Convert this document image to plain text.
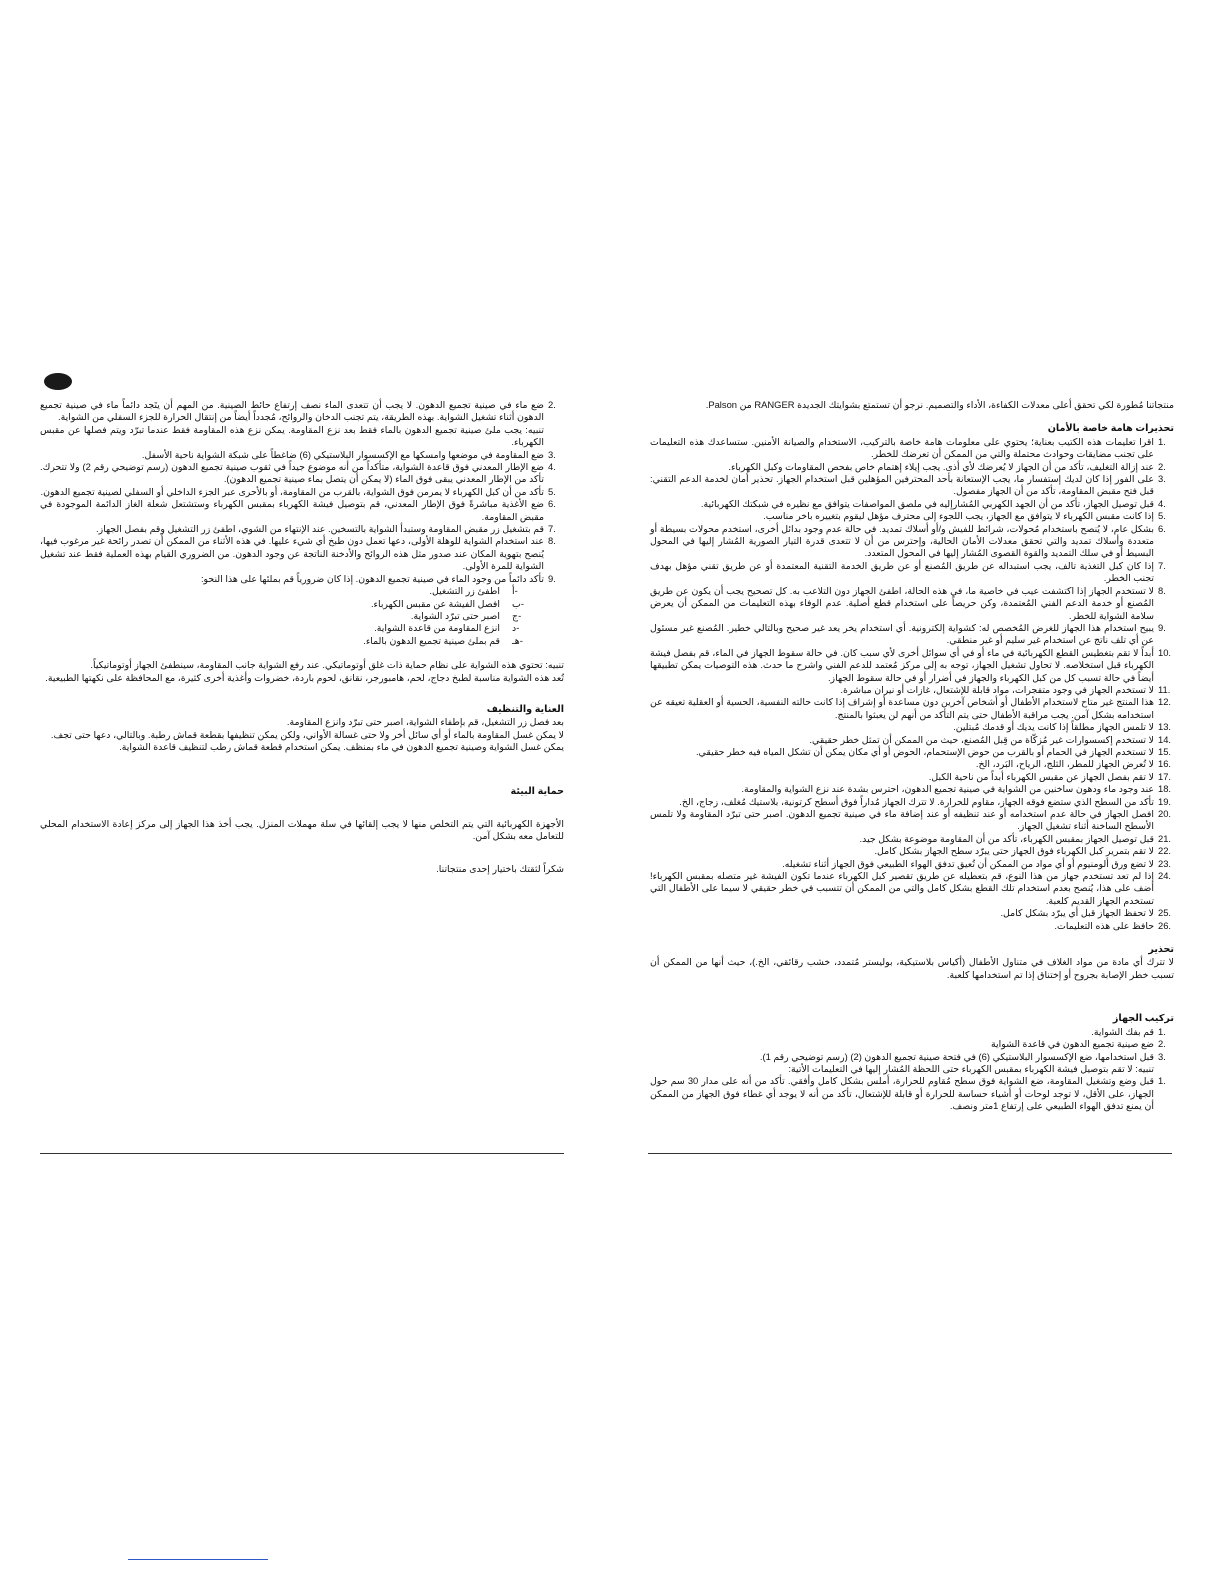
منتجاتنا مُطورة لكي تحقق أعلى معدلات الكفاءة، الأداء والتصميم. نرجو أن تستمتع بشوايتك الجديدة RANGER من Palson.

تحذيرات هامة خاصة بالأمان
1.
اقرا تعليمات هذه الكتيب بعناية؛ يحتوي على معلومات هامة خاصة بالتركيب، الاستخدام والصيانة الأمنين. ستساعدك هذه التعليمات على تجنب مضايقات وحوادث محتملة والتي من الممكن أن تعرضك للخطر.
2.
عند إزالة التغليف، تأكد من أن الجهاز لا يُعرضك لأي أذى. يجب إيلاء إهتمام خاص بفحص المقاومات وكبل الكهرباء.
3.
على الفور إذا كان لديك إستفسار ما، يجب الإستعانة بأحد المحترفين المؤهلين قبل استخدام الجهاز. تحذير أمان لخدمة الدعم التقني: قبل فتح مقبض المقاومة، تأكد من أن الجهاز مفصول.
4.
قبل توصيل الجهاز، تأكد من أن الجهد الكهربي المُشارإليه في ملصق المواصفات يتوافق مع نظيره في شبكتك الكهربائية.
5.
إذا كانت مقبس الكهرباء لا يتوافق مع الجهاز، يجب اللجوء إلى محترف مؤهل ليقوم بتغييره باخر مناسب.
6.
بشكل عام، لا يُنصح باستخدام مُحولات، شرائط للفيش و/أو أسلاك تمديد. في حالة عدم وجود بدائل أخرى، استخدم محولات بسيطة أو متعددة وأسلاك تمديد والتي تحقق معدلات الأمان الحالية، وإحترس من أن لا تتعدى قدرة التيار الصورية المُشار إليها في المحول البسيط أو في سلك التمديد والقوة القصوى المُشار إليها في المحول المتعدد.
7.
إذا كان كبل التغذية تالف، يجب استبداله عن طريق المُصنع أو عن طريق الخدمة التقنية المعتمدة أو عن طريق تقني مؤهل بهدف تجنب الخطر.
8.
لا تستخدم الجهاز إذا اكتشفت عيب في خاصية ما، في هذه الحالة، اطفئ الجهاز دون التلاعب به. كل تصحيح يجب أن يكون عن طريق المُصنع أو خدمة الدعم الفني المُعتمدة، وكن حريصاً على استخدام قطع أصلية. عدم الوفاء بهذه التعليمات من الممكن أن يعرض سلامة الشواية للخطر.
9.
يبيح استخدام هذا الجهاز للغرض المُخصص له: كشواية إلكترونية. أي استخدام يخر يعد غير صحيح وبالتالي خطير. المُصنع غير مسئول عن أي تلف ناتج عن استخدام غير سليم أو غير منطقي.
10.
أبداً لا تقم بتغطيس القطع الكهربائية في ماء أو في أي سوائل أخرى لأي سبب كان. في حالة سقوط الجهاز في الماء، قم بفصل فيشة الكهرباء قبل استخلاصه. لا تحاول تشغيل الجهاز، توجه به إلى مركز مُعتمد للدعم الفني واشرح ما حدث. هذه التوصيات يمكن تطبيقها أيضاً في حالة تسبب كل من كبل الكهرباء والجهاز في أضرار أو في حالة سقوط الجهاز.
11.
لا تستخدم الجهاز في وجود متفجرات، مواد قابلة للإشتعال، غازات أو نيران مباشرة.
12.
هذا المنتج غير متاح لاستخدام الأطفال أو أشخاص آخرين دون مساعدة أو إشراف إذا كانت حالته النفسية، الحسية أو العقلية تعيقه عن استخدامه بشكل آمن. يجب مراقبة الأطفال حتى يتم التأكد من أنهم لن يعبثوا بالمنتج.
13.
لا تلمس الجهاز مطلقاً إذا كانت يديك أو قدمك مُبتلين.
14.
لا تستخدم إكسسوارات غير مُزكّاة من قِبل المُصنع، حيث من الممكن أن تمثل خطر حقيقي.
15.
لا تستخدم الجهاز في الحمام أو بالقرب من حوض الإستحمام، الحوض أو أي مكان يمكن أن تشكل المياه فيه خطر حقيقي.
16.
لا تُعرض الجهاز للمطر، الثلج، الرياح، البَرد، الخ.
17.
لا تقم بفصل الجهاز عن مقبس الكهرباء أبداً من ناحية الكبل.
18.
عند وجود ماء ودهون ساخنين من الشواية في صينية تجميع الدهون، احترس بشدة عند نزع الشواية والمقاومة.
19.
تأكد من السطح الذي ستضع فوقه الجهاز، مقاوم للحرارة. لا تترك الجهاز مُداراً فوق أسطح كرتونية، بلاستيك مُغلف، زجاج، الخ.
20.
افصل الجهاز في حالة عدم استخدامه أو عند تنظيفه أو عند إضافة ماء في صينية تجميع الدهون. اصبر حتى تبرّد المقاومة ولا تلمس الأسطح الساخنة أثناء تشغيل الجهاز.
21.
قبل توصيل الجهاز بمقبس الكهرباء، تأكد من أن المقاومة موضوعة بشكل جيد.
22.
لا تقم بتمرير كبل الكهرباء فوق الجهاز حتى يبرّد سطح الجهاز بشكل كامل.
23.
لا تضع ورق ألومنيوم أو أي مواد من الممكن أن تُعيق تدفق الهواء الطبيعي فوق الجهاز أثناء تشغيله.
24.
إذا لم تعد تستخدم جهاز من هذا النوع، قم بتعطيله عن طريق تقصير كبل الكهرباء عندما تكون الفيشة غير متصله بمقبس الكهرباء! أضف على هذا، يُنصح بعدم استخدام تلك القطع بشكل كامل والتي من الممكن أن تتسبب في خطر حقيقي لا سيما على الأطفال التي تستخدم الجهاز القديم كلعبة.
25.
لا تحفظ الجهاز قبل أي يبرّد بشكل كامل.
26.
حافظ على هذه التعليمات.
تحذير

لا تترك أي مادة من مواد الغلاف في متناول الأطفال (أكياس بلاستيكية، بوليستر مُتمدد، خشب رقائقي، الخ.)، حيث أنها من الممكن أن تسبب خطر الإصابة بجروح أو إختناق إذا تم استخدامها كلعبة.

تركيب الجهاز
1.
قم بفك الشواية.
2.
ضع صينية تجميع الدهون في قاعدة الشواية
3.
قبل استخدامها، ضع الإكسسوار البلاستيكي (6) في فتحة صينية تجميع الدهون (2) (رسم توضيحي رقم 1).

تنبيه: لا تقم بتوصيل فيشة الكهرباء بمقبس الكهرباء حتى اللحظة المُشار إليها في التعليمات الأتية:

1.
قبل وضع وتشغيل المقاومة، ضع الشواية فوق سطح مُقاوم للحرارة، أملس بشكل كامل وأفقي. تأكد من أنه على مدار 30 سم حول الجهاز، على الأقل، لا توجد لوحات أو أشياء حساسة للحرارة أو قابلة للإشتعال، تأكد من أنه لا يوجد أي غطاء فوق الجهاز من الممكن أن يمنع تدفق الهواء الطبيعي على إرتفاع 1متر ونصف.
2.
ضع ماء في صينية تجميع الدهون. لا يجب أن تتعدى الماء نصف إرتفاع حائط الصينية. من المهم أن يتَجد دائماً ماء في صينية تجميع الدهون أثناء تشغيل الشواية. بهذه الطريقة، يتم تجنب الدخان والروائح، مُجدداً أيضاً من إنتقال الحرارة للجزء السفلي من الشواية.
تنبيه: يجب ملئ صينية تجميع الدهون بالماء فقط بعد نزع المقاومة. يمكن نزع هذه المقاومة فقط عندما تبرّد ويتم فصلها عن مقبس الكهرباء.
3.
ضع المقاومة في موضعها وامسكها مع الإكسسوار البلاستيكي (6) ضاغطاً على شبكة الشواية ناحية الأسفل.
4.
ضع الإطار المعدني فوق قاعدة الشواية، متأكداً من أنه موضوع جيداً في ثقوب صينية تجميع الدهون (رسم توضيحي رقم 2) ولا تتحرك. تأكد من الإطار المعدني يبقى فوق الماء (لا يمكن أن يتصل بماء صينية تجميع الدهون).
5.
تأكد من أن كبل الكهرباء لا يمرمن فوق الشواية، بالقرب من المقاومة، أو بالأحرى عبر الجزء الداخلي أو السفلي لصينية تجميع الدهون.
6.
ضع الأغذية مباشرةً فوق الإطار المعدني، قم بتوصيل فيشة الكهرباء بمقبس الكهرباء وستشتعل شعلة الغاز الدائمة الموجودة في مقبض المقاومة.
7.
قم بتشغيل زر مقبض المقاومة وستبدأ الشواية بالتسخين. عند الإنتهاء من الشوي، اطفئ زر التشغيل وقم بفصل الجهاز.
8.
عند استخدام الشواية للوهلة الأولى، دعها تعمل دون طبخ أي شيء عليها. في هذه الأثناء من الممكن أن تصدر رائحة غير مرغوب فيها، يُنصح بتهوية المكان عند صدور مثل هذه الروائح والأدخنة الناتجة عن وجود الدهون. من الضروري القيام بهذه العملية فقط عند تشغيل الشواية للمرة الأولى.
9.
تأكد دائماً من وجود الماء في صينية تجميع الدهون. إذا كان ضرورياً قم بملئها على هذا النحو:
أ-
اطفئ زر التشغيل.
ب-
افصل الفيشة عن مقبس الكهرباء.
ج-
اصبر حتى تبرّد الشواية.
د-
انزع المقاومة من قاعدة الشواية.
هـ-
قم بملئ صينية تجميع الدهون بالماء.

تنبيه: تحتوي هذه الشواية على نظام حماية ذات غلق أوتوماتيكي. عند رفع الشواية جانب المقاومة، سينطفئ الجهاز أوتوماتيكياً.

تُعد هذه الشواية مناسبة لطبخ دجاج، لحم، هامبورجر، نقانق، لحوم باردة، خضروات وأغذية أخرى كثيرة، مع المحافظة على نكهتها الطبيعية.

العناية والتنظيف

بعد فصل زر التشغيل، قم بإطفاء الشواية، اصبر حتى تبرّد وانزع المقاومة.

لا يمكن غسل المقاومة بالماء أو أي سائل أخر ولا حتى غسالة الأواني، ولكن يمكن تنظيفها بقطعة قماش رطبة. وبالتالي، دعها حتى تجف.

يمكن غسل الشواية وصينية تجميع الدهون في ماء بمنظف. يمكن استخدام قطعة قماش رطب لتنظيف قاعدة الشواية.

حماية البيئة

الأجهزة الكهربائية التي يتم التخلص منها لا يجب إلقائها في سلة مهملات المنزل. يجب أخذ هذا الجهاز إلى مركز إعادة الاستخدام المحلي للتعامل معه بشكل آمن.

شكراً لثقتك باختيار إحدى منتجاتنا.
